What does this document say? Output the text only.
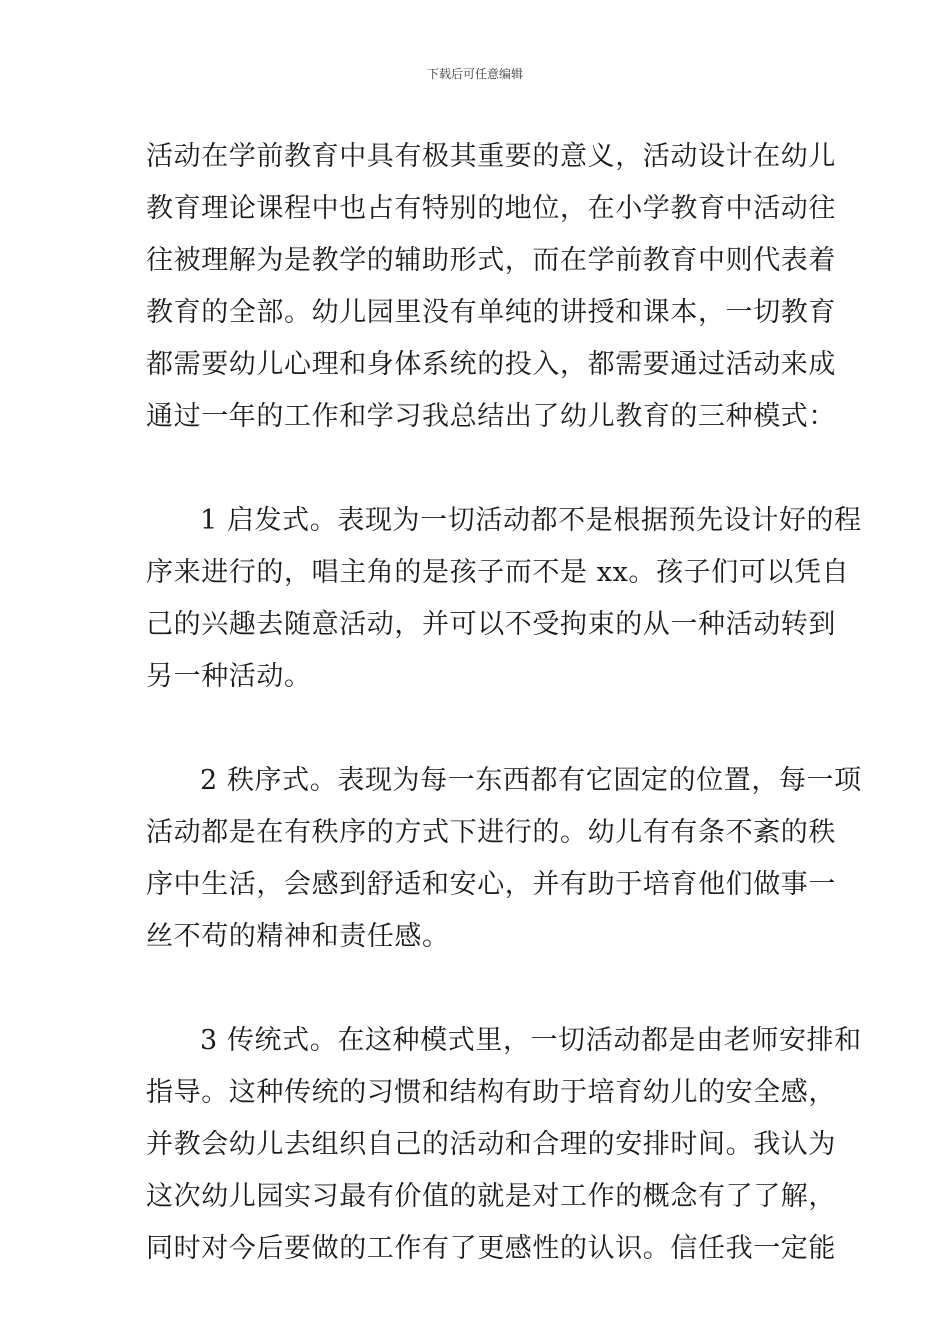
下载后可任意编辑
活动在学前教育中具有极其重要的意义，活动设计在幼儿
教育理论课程中也占有特别的地位，在小学教育中活动往
往被理解为是教学的辅助形式，而在学前教育中则代表着
教育的全部。幼儿园里没有单纯的讲授和课本，一切教育
都需要幼儿心理和身体系统的投入，都需要通过活动来成
通过一年的工作和学习我总结出了幼儿教育的三种模式：
1 启发式。表现为一切活动都不是根据预先设计好的程
序来进行的，唱主角的是孩子而不是 xx。孩子们可以凭自
己的兴趣去随意活动，并可以不受拘束的从一种活动转到
另一种活动。
2 秩序式。表现为每一东西都有它固定的位置，每一项
活动都是在有秩序的方式下进行的。幼儿有有条不紊的秩
序中生活，会感到舒适和安心，并有助于培育他们做事一
丝不苟的精神和责任感。
3 传统式。在这种模式里，一切活动都是由老师安排和
指导。这种传统的习惯和结构有助于培育幼儿的安全感，
并教会幼儿去组织自己的活动和合理的安排时间。我认为
这次幼儿园实习最有价值的就是对工作的概念有了了解，
同时对今后要做的工作有了更感性的认识。信任我一定能
